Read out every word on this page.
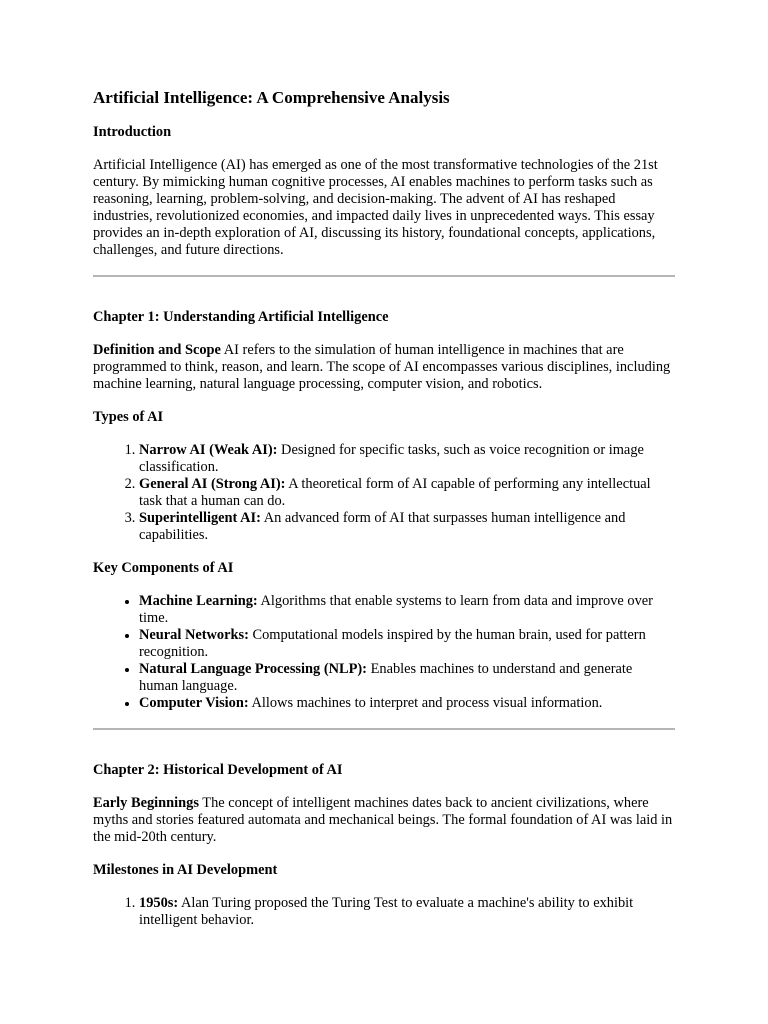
Artificial Intelligence: A Comprehensive Analysis
Introduction

Artificial Intelligence (AI) has emerged as one of the most transformative technologies of the 21st century. By mimicking human cognitive processes, AI enables machines to perform tasks such as reasoning, learning, problem-solving, and decision-making. The advent of AI has reshaped industries, revolutionized economies, and impacted daily lives in unprecedented ways. This essay provides an in-depth exploration of AI, discussing its history, foundational concepts, applications, challenges, and future directions.

Chapter 1: Understanding Artificial Intelligence

Definition and Scope AI refers to the simulation of human intelligence in machines that are programmed to think, reason, and learn. The scope of AI encompasses various disciplines, including machine learning, natural language processing, computer vision, and robotics.

Types of AI
1. Narrow AI (Weak AI): Designed for specific tasks, such as voice recognition or image classification.
2. General AI (Strong AI): A theoretical form of AI capable of performing any intellectual task that a human can do.
3. Superintelligent AI: An advanced form of AI that surpasses human intelligence and capabilities.
Key Components of AI
• Machine Learning: Algorithms that enable systems to learn from data and improve over time.
• Neural Networks: Computational models inspired by the human brain, used for pattern recognition.
• Natural Language Processing (NLP): Enables machines to understand and generate human language.
• Computer Vision: Allows machines to interpret and process visual information.
Chapter 2: Historical Development of AI

Early Beginnings The concept of intelligent machines dates back to ancient civilizations, where myths and stories featured automata and mechanical beings. The formal foundation of AI was laid in the mid-20th century.

Milestones in AI Development
1. 1950s: Alan Turing proposed the Turing Test to evaluate a machine's ability to exhibit intelligent behavior.
